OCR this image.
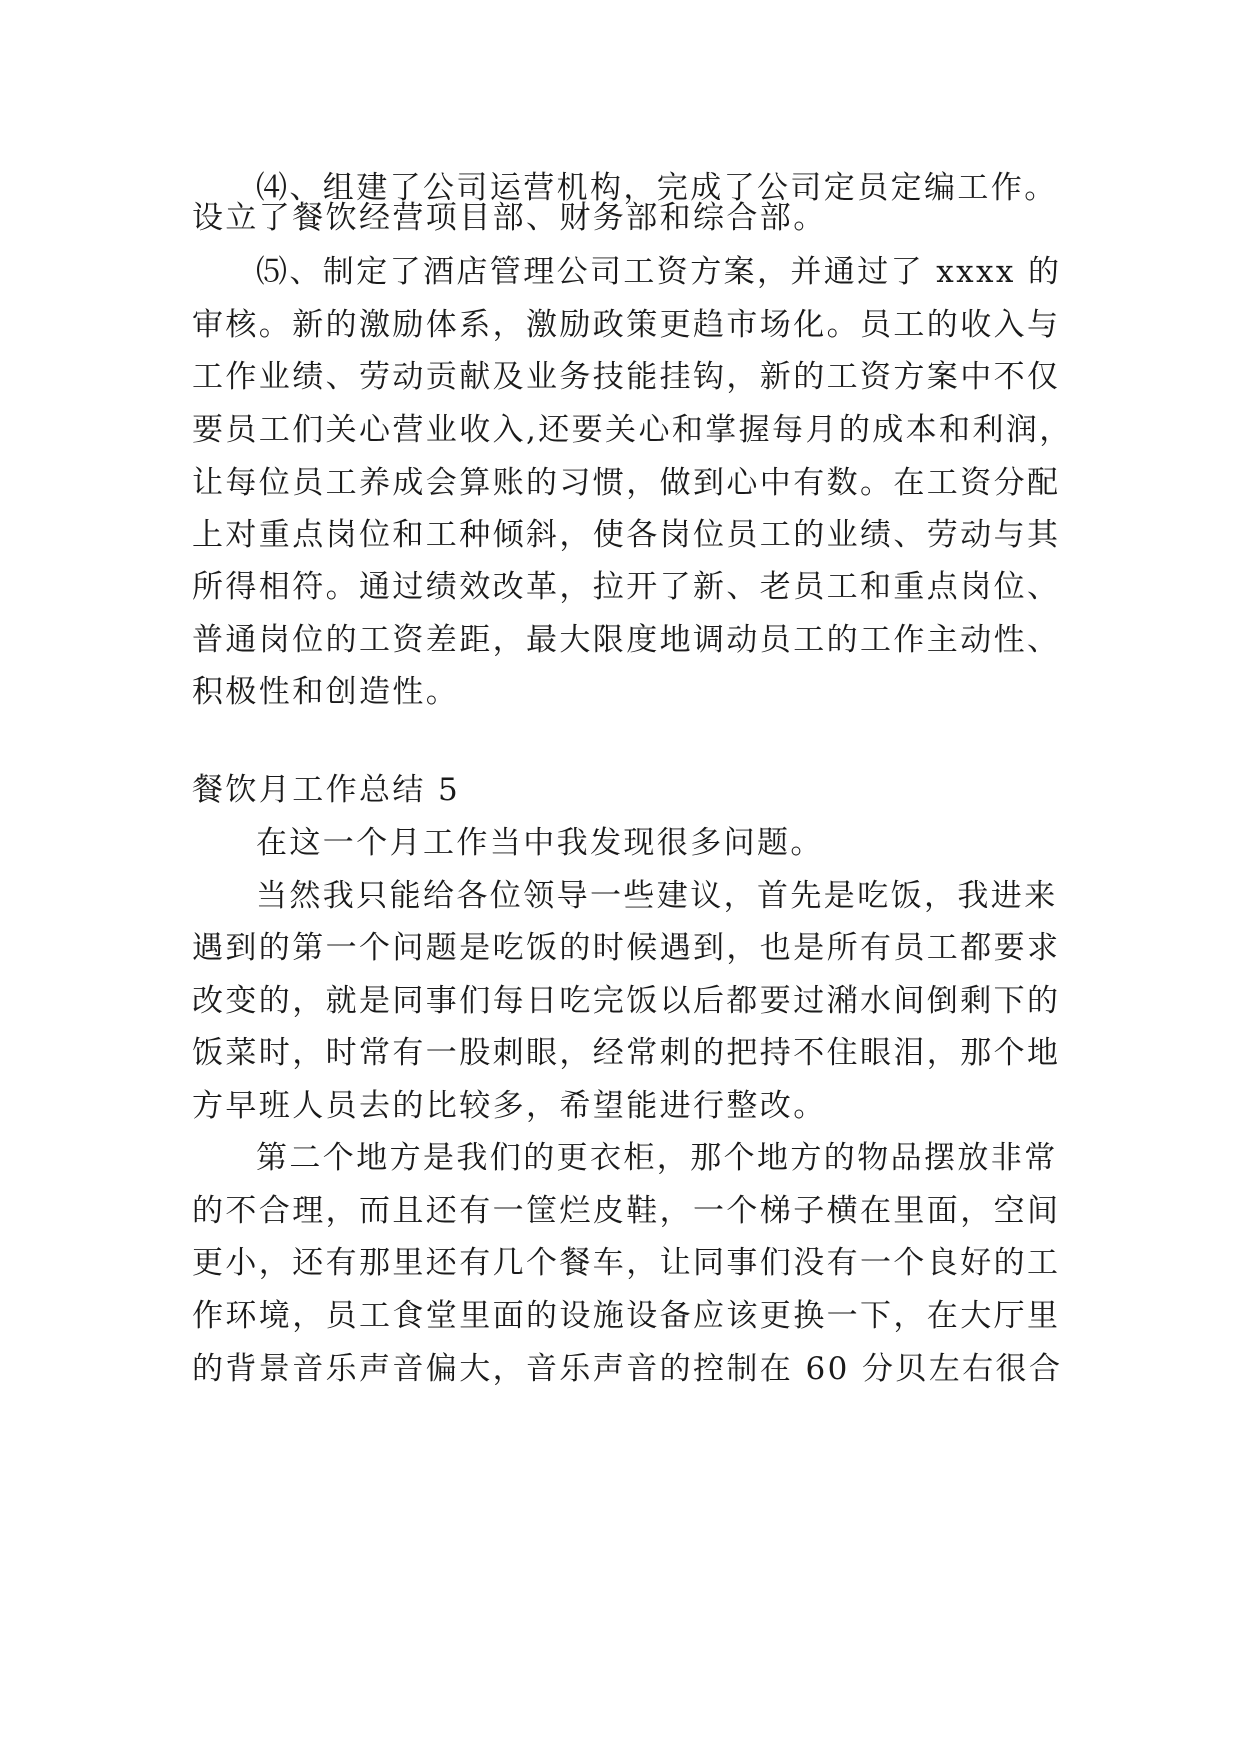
⑷、组建了公司运营机构，完成了公司定员定编工作。
设立了餐饮经营项目部、财务部和综合部。
⑸、制定了酒店管理公司工资方案，并通过了 xxxx 的
审核。新的激励体系，激励政策更趋市场化。员工的收入与
工作业绩、劳动贡献及业务技能挂钩，新的工资方案中不仅
要员工们关心营业收入,还要关心和掌握每月的成本和利润，
让每位员工养成会算账的习惯，做到心中有数。在工资分配
上对重点岗位和工种倾斜，使各岗位员工的业绩、劳动与其
所得相符。通过绩效改革，拉开了新、老员工和重点岗位、
普通岗位的工资差距，最大限度地调动员工的工作主动性、
积极性和创造性。
餐饮月工作总结 5
在这一个月工作当中我发现很多问题。
当然我只能给各位领导一些建议，首先是吃饭，我进来
遇到的第一个问题是吃饭的时候遇到，也是所有员工都要求
改变的，就是同事们每日吃完饭以后都要过潲水间倒剩下的
饭菜时，时常有一股刺眼，经常刺的把持不住眼泪，那个地
方早班人员去的比较多，希望能进行整改。
第二个地方是我们的更衣柜，那个地方的物品摆放非常
的不合理，而且还有一筐烂皮鞋，一个梯子横在里面，空间
更小，还有那里还有几个餐车，让同事们没有一个良好的工
作环境，员工食堂里面的设施设备应该更换一下，在大厅里
的背景音乐声音偏大，音乐声音的控制在 60 分贝左右很合
